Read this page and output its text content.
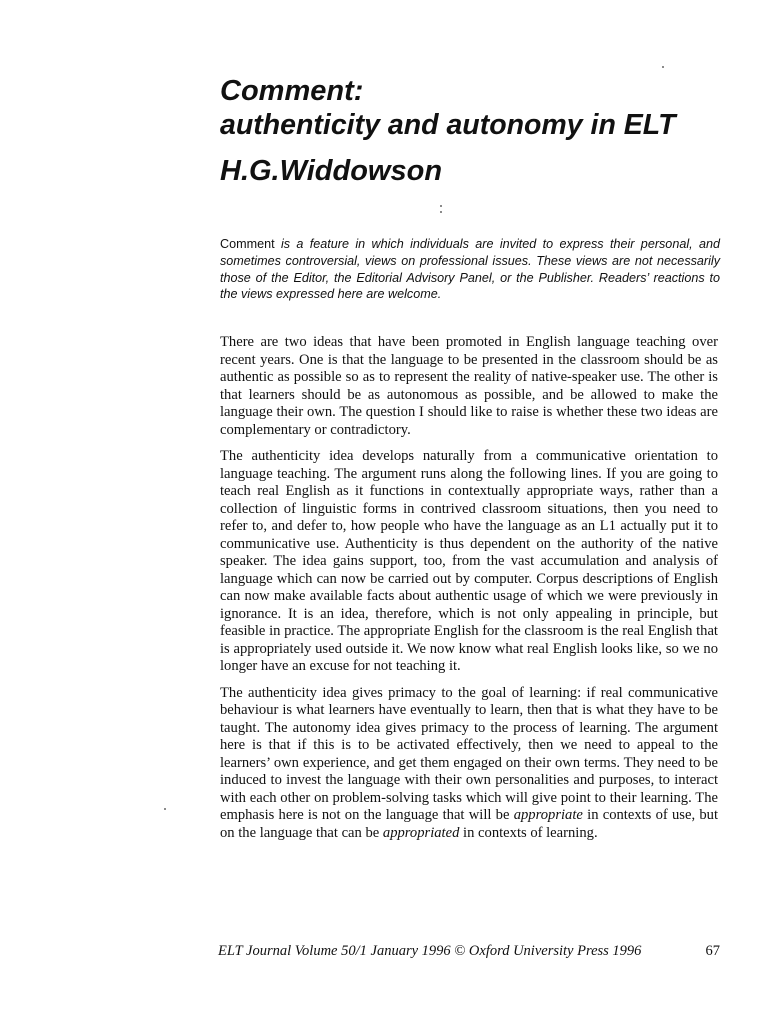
Comment:
authenticity and autonomy in ELT
H.G.Widdowson

Comment is a feature in which individuals are invited to express their personal, and sometimes controversial, views on professional issues. These views are not necessarily those of the Editor, the Editorial Advisory Panel, or the Publisher. Readers’ reactions to the views expressed here are welcome.

There are two ideas that have been promoted in English language teaching over recent years. One is that the language to be presented in the classroom should be as authentic as possible so as to represent the reality of native-speaker use. The other is that learners should be as autonomous as possible, and be allowed to make the language their own. The question I should like to raise is whether these two ideas are complementary or contradictory.

The authenticity idea develops naturally from a communicative orientation to language teaching. The argument runs along the following lines. If you are going to teach real English as it functions in contextually appropriate ways, rather than a collection of linguistic forms in contrived classroom situations, then you need to refer to, and defer to, how people who have the language as an L1 actually put it to communicative use. Authenticity is thus dependent on the authority of the native speaker. The idea gains support, too, from the vast accumulation and analysis of language which can now be carried out by computer. Corpus descriptions of English can now make available facts about authentic usage of which we were previously in ignorance. It is an idea, therefore, which is not only appealing in principle, but feasible in practice. The appropriate English for the classroom is the real English that is appropriately used outside it. We now know what real English looks like, so we no longer have an excuse for not teaching it.

The authenticity idea gives primacy to the goal of learning: if real communicative behaviour is what learners have eventually to learn, then that is what they have to be taught. The autonomy idea gives primacy to the process of learning. The argument here is that if this is to be activated effectively, then we need to appeal to the learners’ own experience, and get them engaged on their own terms. They need to be induced to invest the language with their own personalities and purposes, to interact with each other on problem-solving tasks which will give point to their learning. The emphasis here is not on the language that will be appropriate in contexts of use, but on the language that can be appropriated in contexts of learning.

ELT Journal Volume 50/1 January 1996 © Oxford University Press 1996	67
